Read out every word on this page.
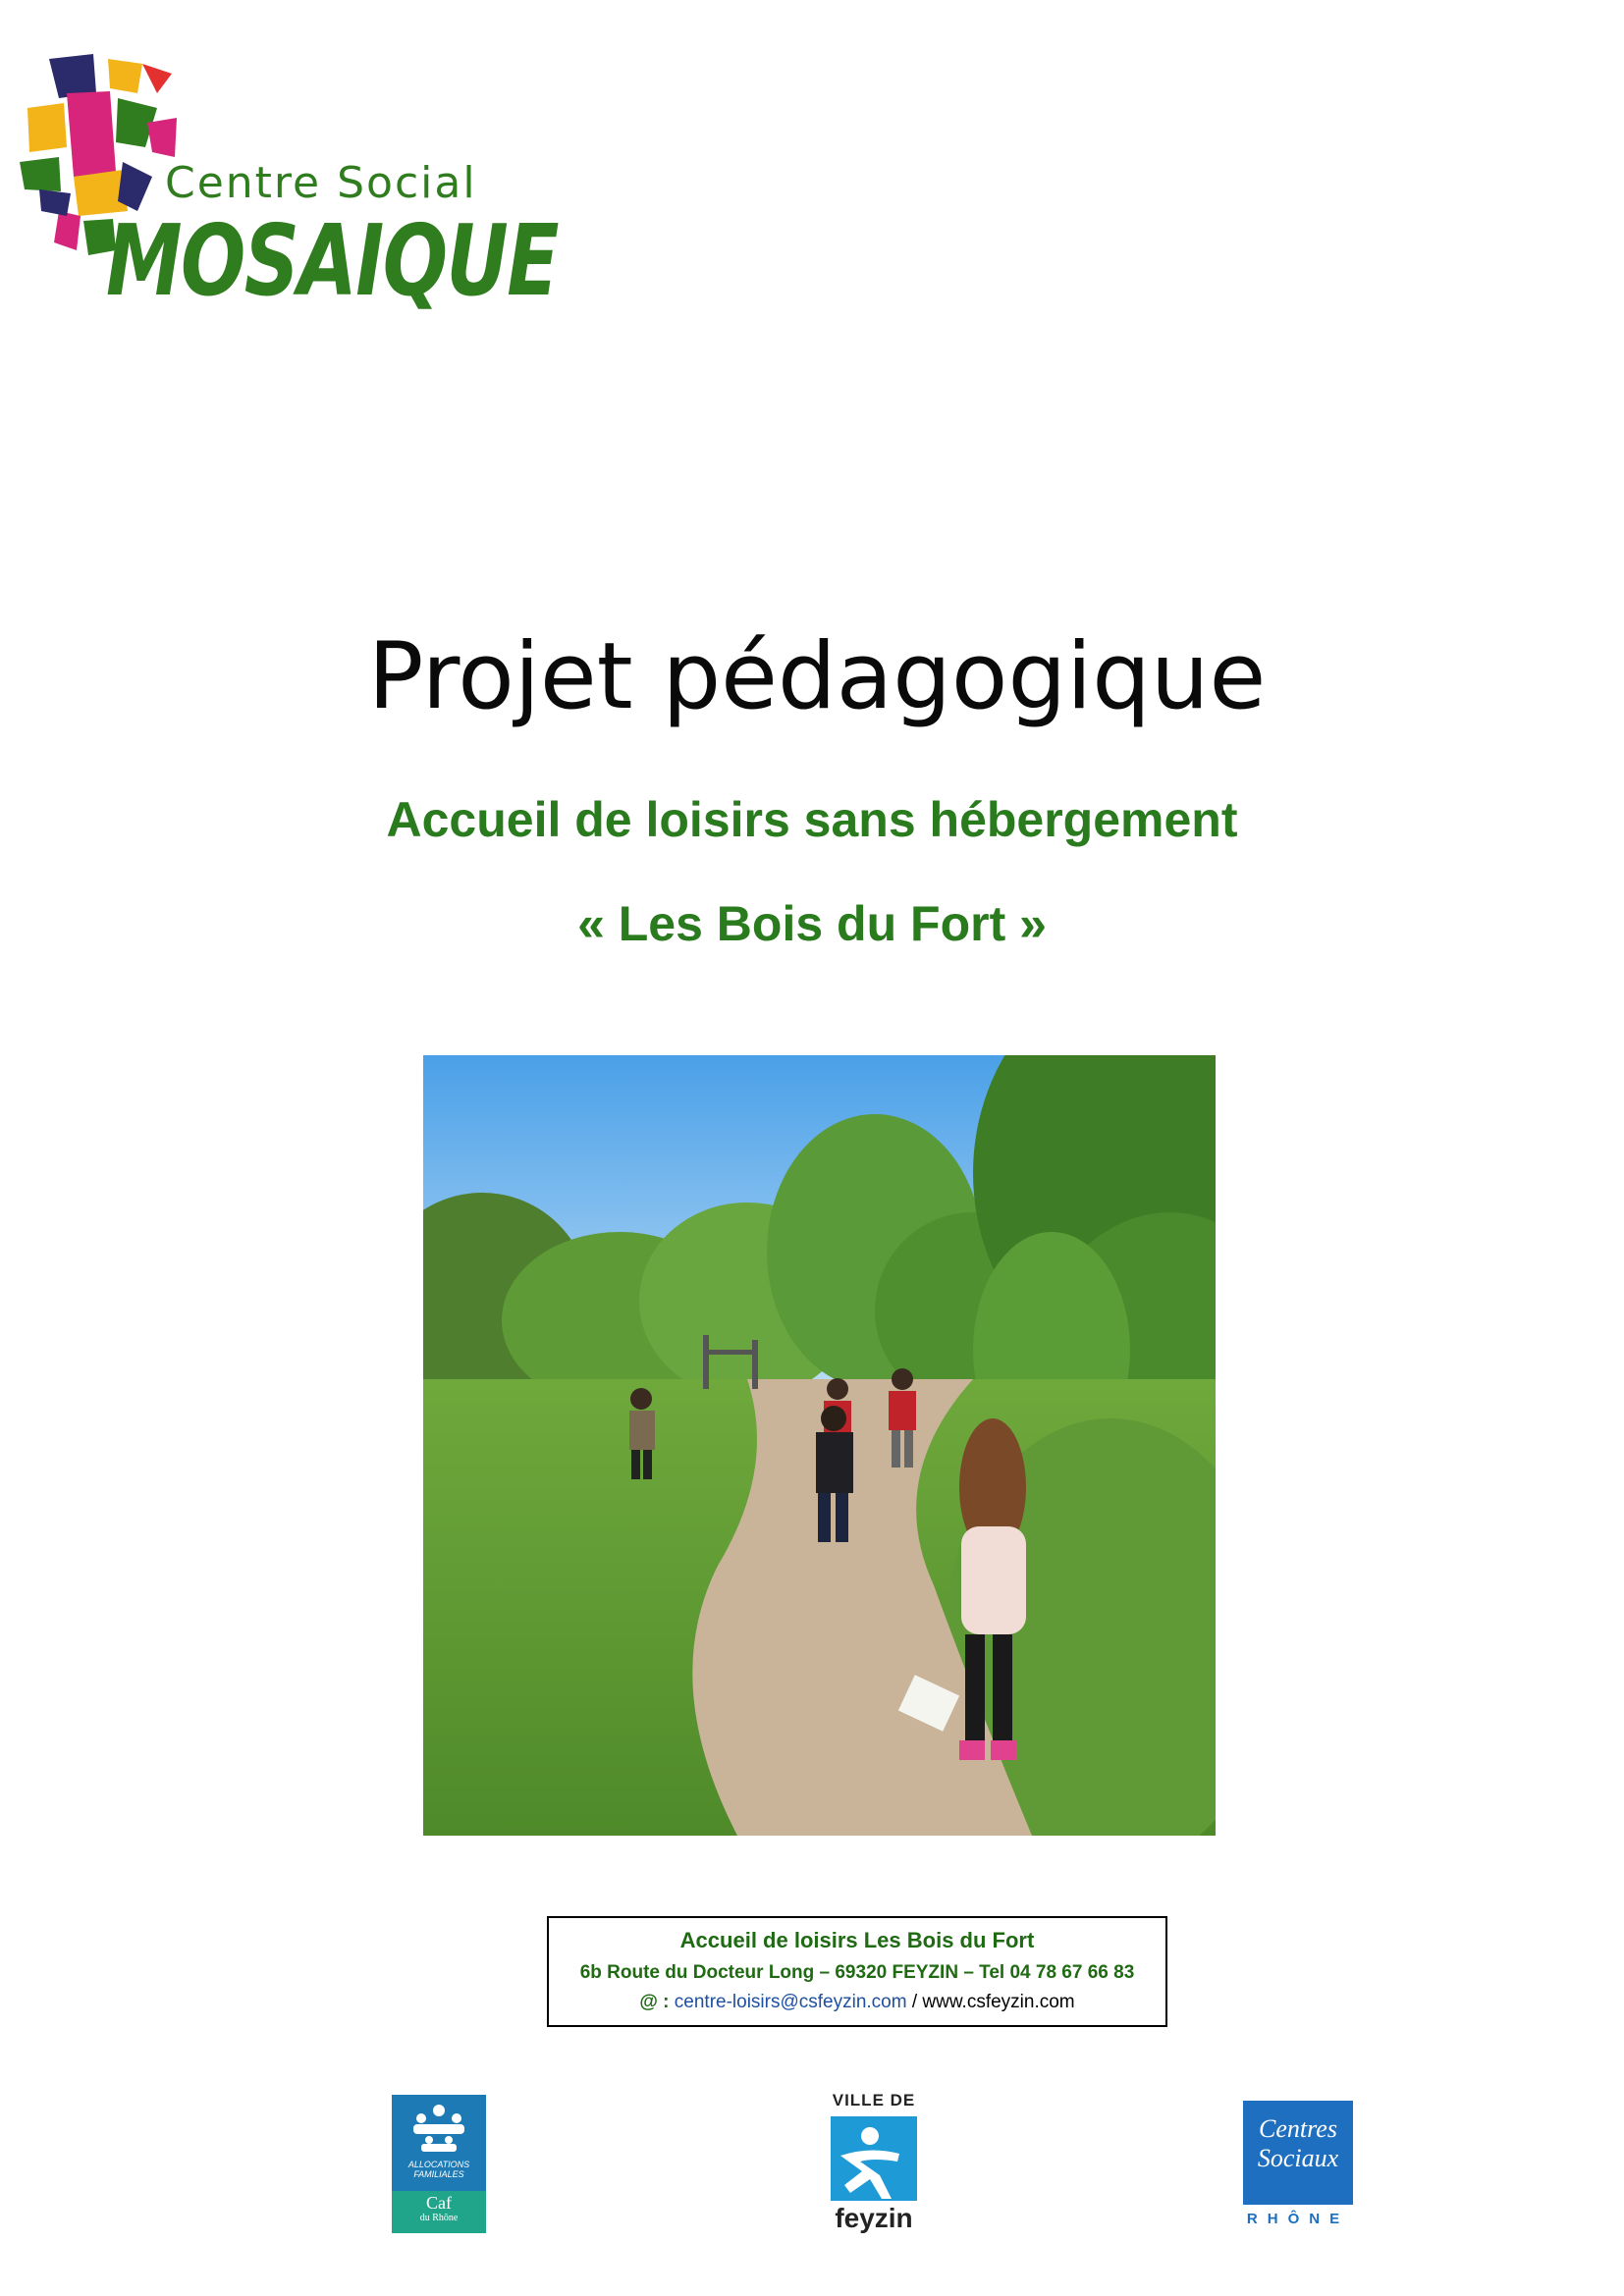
Centre Social
MOSAIQUE
Projet pédagogique
Accueil de loisirs sans hébergement
« Les Bois du Fort »
Accueil de loisirs Les Bois du Fort
6b Route du Docteur Long – 69320 FEYZIN – Tel 04 78 67 66 83
@ : centre-loisirs@csfeyzin.com / www.csfeyzin.com
ALLOCATIONS
FAMILIALES
Caf
du Rhône
VILLE DE
feyzin
Centres
Sociaux
RHÔNE
